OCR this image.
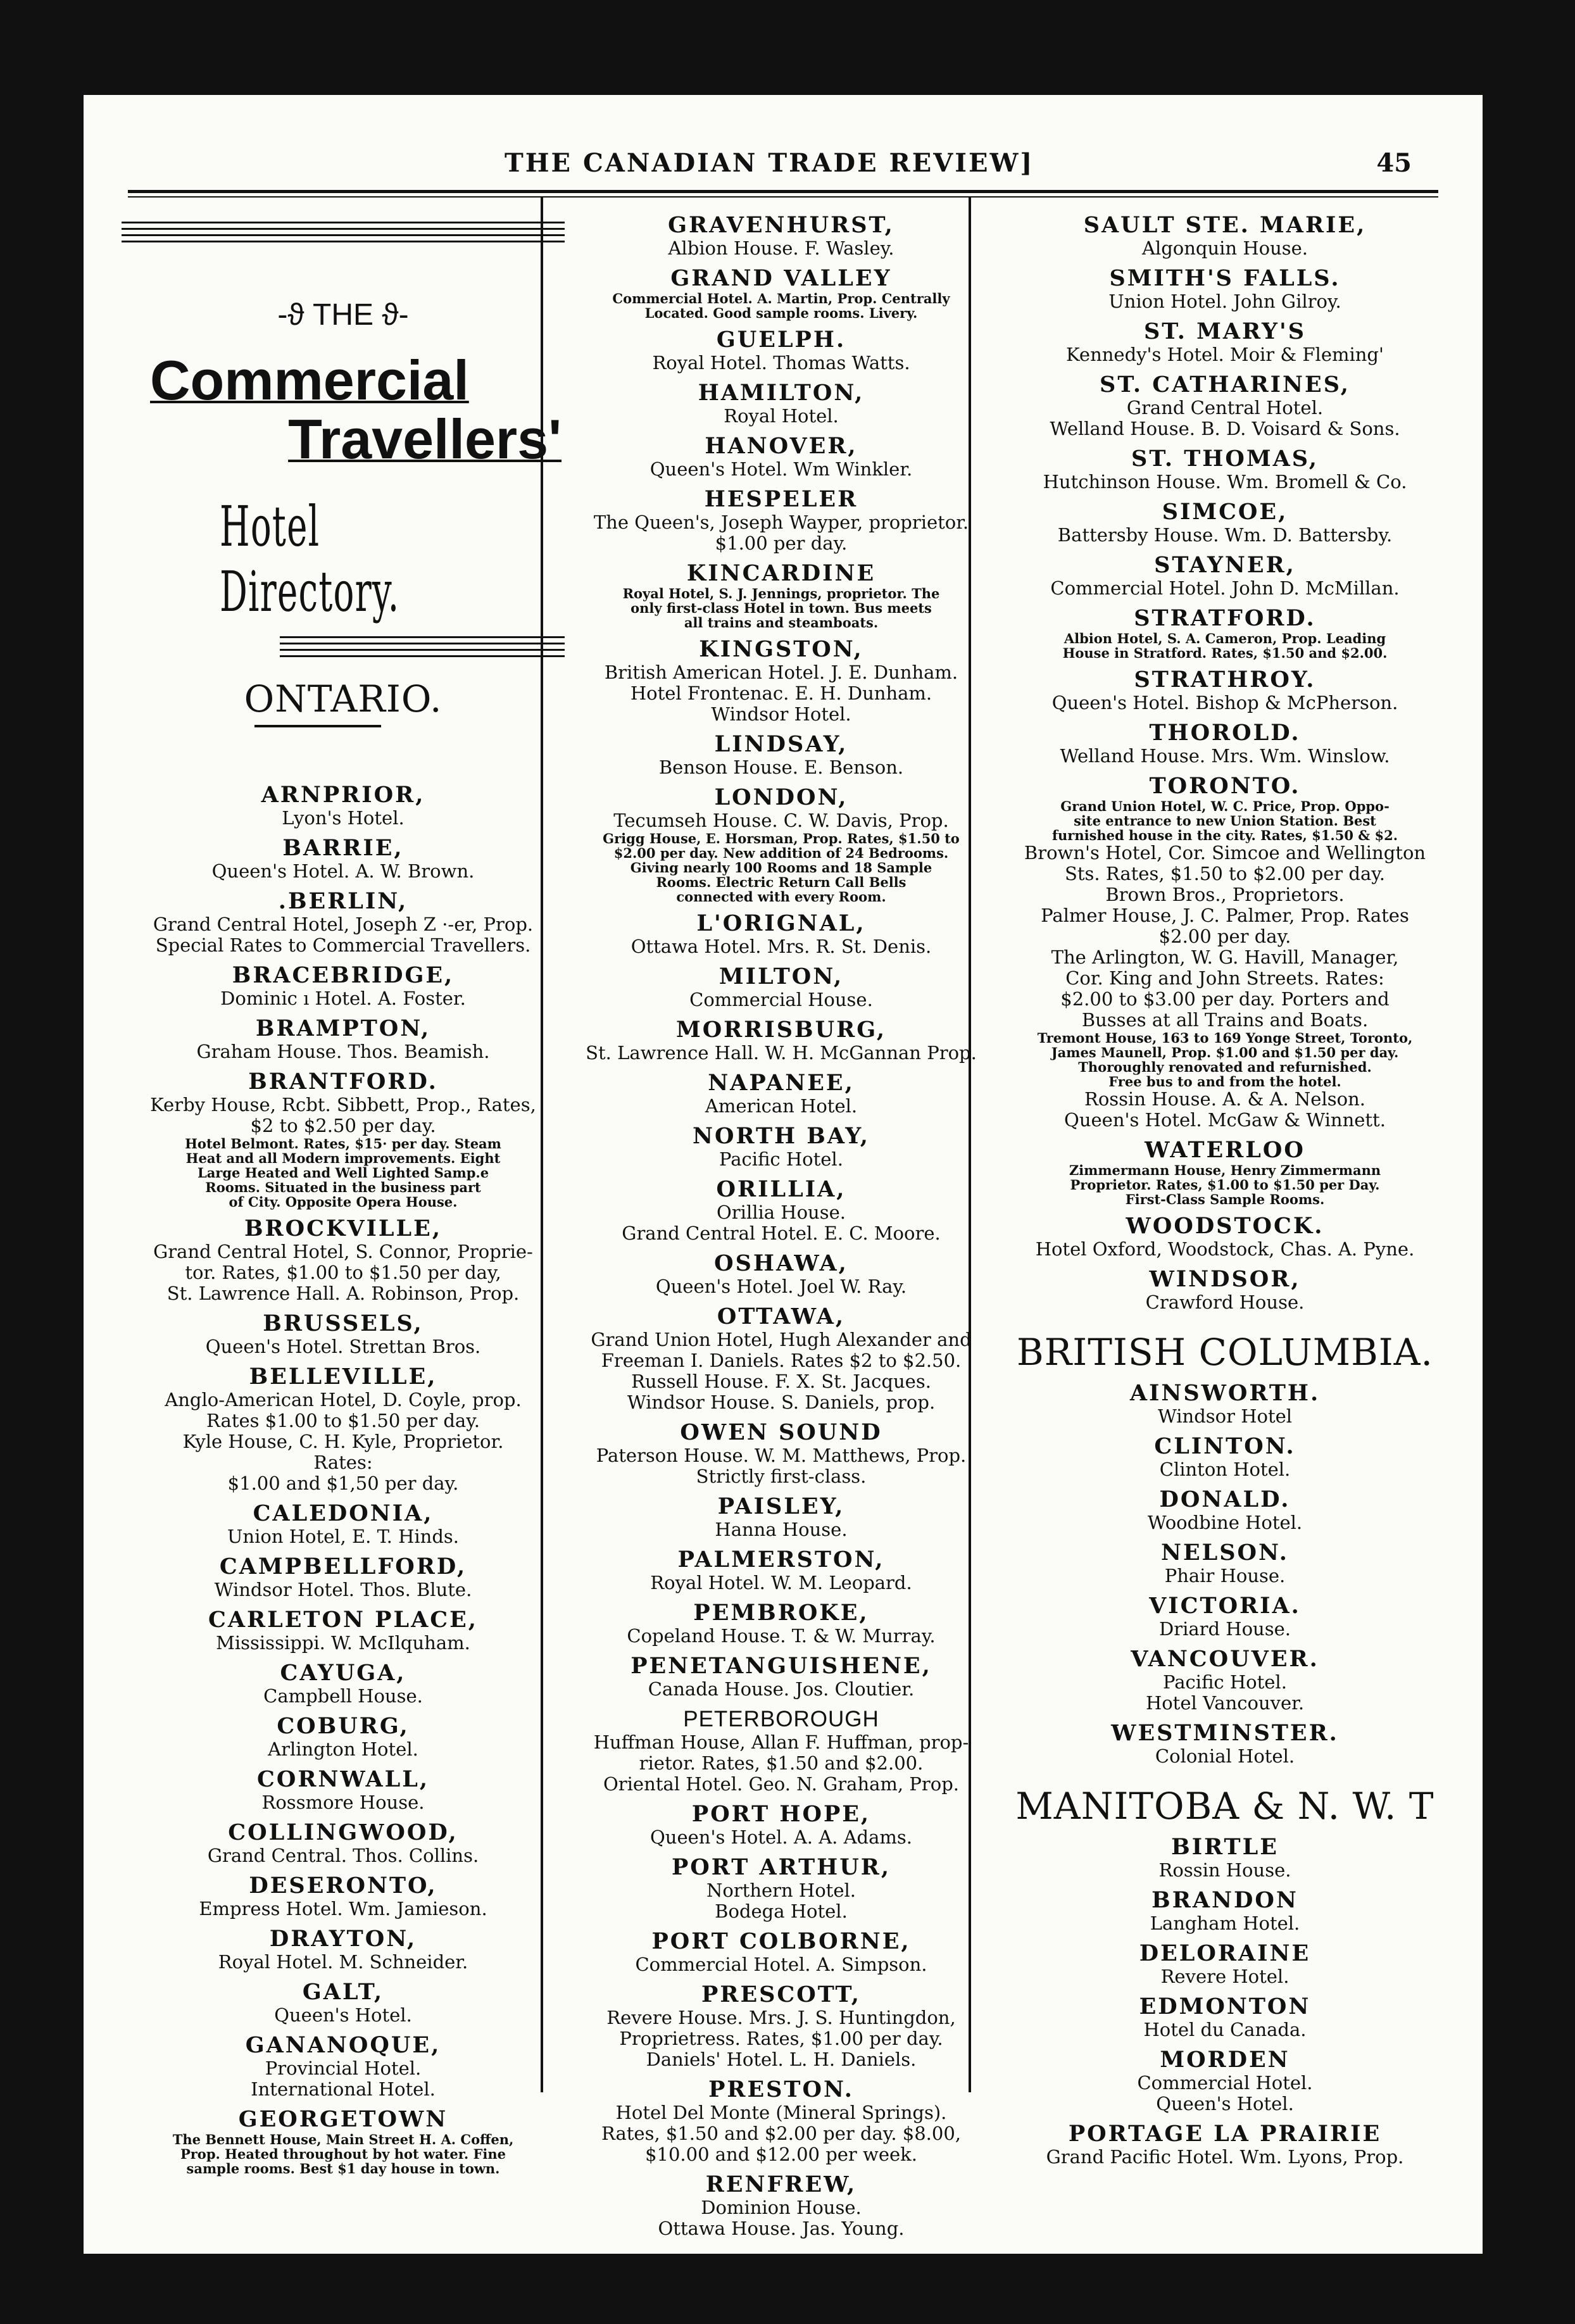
THE CANADIAN TRADE REVIEW]	45
-⁠ϑ THE ϑ-
Commercial
Travellers'
Hotel Directory.
ONTARIO.
ARNPRIOR,
Lyon's Hotel.
BARRIE,
Queen's Hotel. A. W. Brown.
.BERLIN,
Grand Central Hotel, Joseph Z ·-er, Prop.
Special Rates to Commercial Travellers.
BRACEBRIDGE,
Dominic ı Hotel. A. Foster.
BRAMPTON,
Graham House. Thos. Beamish.
BRANTFORD.
Kerby House, Rcbt. Sibbett, Prop., Rates,
$2 to $2.50 per day.
Hotel Belmont. Rates, $15· per day. Steam
Heat and all Modern improvements. Eight
Large Heated and Well Lighted Samp.e
Rooms. Situated in the business part
of City. Opposite Opera House.
BROCKVILLE,
Grand Central Hotel, S. Connor, Proprie-
tor. Rates, $1.00 to $1.50 per day,
St. Lawrence Hall. A. Robinson, Prop.
BRUSSELS,
Queen's Hotel. Strettan Bros.
BELLEVILLE,
Anglo-American Hotel, D. Coyle, prop.
Rates $1.00 to $1.50 per day.
Kyle House, C. H. Kyle, Proprietor.
Rates:
$1.00 and $1,50 per day.
CALEDONIA,
Union Hotel, E. T. Hinds.
CAMPBELLFORD,
Windsor Hotel. Thos. Blute.
CARLETON PLACE,
Mississippi. W. McIlquham.
CAYUGA,
Campbell House.
COBURG,
Arlington Hotel.
CORNWALL,
Rossmore House.
COLLINGWOOD,
Grand Central. Thos. Collins.
DESERONTO,
Empress Hotel. Wm. Jamieson.
DRAYTON,
Royal Hotel. M. Schneider.
GALT,
Queen's Hotel.
GANANOQUE,
Provincial Hotel.
International Hotel.
GEORGETOWN
The Bennett House, Main Street H. A. Coffen,
Prop. Heated throughout by hot water. Fine
sample rooms. Best $1 day house in town.
GRAVENHURST,
Albion House. F. Wasley.
GRAND VALLEY
Commercial Hotel. A. Martin, Prop. Centrally
Located. Good sample rooms. Livery.
GUELPH.
Royal Hotel. Thomas Watts.
HAMILTON,
Royal Hotel.
HANOVER,
Queen's Hotel. Wm Winkler.
HESPELER
The Queen's, Joseph Wayper, proprietor.
$1.00 per day.
KINCARDINE
Royal Hotel, S. J. Jennings, proprietor. The
only first-class Hotel in town. Bus meets
all trains and steamboats.
KINGSTON,
British American Hotel. J. E. Dunham.
Hotel Frontenac. E. H. Dunham.
Windsor Hotel.
LINDSAY,
Benson House. E. Benson.
LONDON,
Tecumseh House. C. W. Davis, Prop.
Grigg House, E. Horsman, Prop. Rates, $1.50 to
$2.00 per day. New addition of 24 Bedrooms.
Giving nearly 100 Rooms and 18 Sample
Rooms. Electric Return Call Bells
connected with every Room.
L'ORIGNAL,
Ottawa Hotel. Mrs. R. St. Denis.
MILTON,
Commercial House.
MORRISBURG,
St. Lawrence Hall. W. H. McGannan Prop.
NAPANEE,
American Hotel.
NORTH BAY,
Pacific Hotel.
ORILLIA,
Orillia House.
Grand Central Hotel. E. C. Moore.
OSHAWA,
Queen's Hotel. Joel W. Ray.
OTTAWA,
Grand Union Hotel, Hugh Alexander and
Freeman I. Daniels. Rates $2 to $2.50.
Russell House. F. X. St. Jacques.
Windsor House. S. Daniels, prop.
OWEN SOUND
Paterson House. W. M. Matthews, Prop.
Strictly first-class.
PAISLEY,
Hanna House.
PALMERSTON,
Royal Hotel. W. M. Leopard.
PEMBROKE,
Copeland House. T. & W. Murray.
PENETANGUISHENE,
Canada House. Jos. Cloutier.
PETERBOROUGH
Huffman House, Allan F. Huffman, prop-
rietor. Rates, $1.50 and $2.00.
Oriental Hotel. Geo. N. Graham, Prop.
PORT HOPE,
Queen's Hotel. A. A. Adams.
PORT ARTHUR,
Northern Hotel.
Bodega Hotel.
PORT COLBORNE,
Commercial Hotel. A. Simpson.
PRESCOTT,
Revere House. Mrs. J. S. Huntingdon,
Proprietress. Rates, $1.00 per day.
Daniels' Hotel. L. H. Daniels.
PRESTON.
Hotel Del Monte (Mineral Springs).
Rates, $1.50 and $2.00 per day. $8.00,
$10.00 and $12.00 per week.
RENFREW,
Dominion House.
Ottawa House. Jas. Young.
SAULT STE. MARIE,
Algonquin House.
SMITH'S FALLS.
Union Hotel. John Gilroy.
ST. MARY'S
Kennedy's Hotel. Moir & Fleming'
ST. CATHARINES,
Grand Central Hotel.
Welland House. B. D. Voisard & Sons.
ST. THOMAS,
Hutchinson House. Wm. Bromell & Co.
SIMCOE,
Battersby House. Wm. D. Battersby.
STAYNER,
Commercial Hotel. John D. McMillan.
STRATFORD.
Albion Hotel, S. A. Cameron, Prop. Leading
House in Stratford. Rates, $1.50 and $2.00.
STRATHROY.
Queen's Hotel. Bishop & McPherson.
THOROLD.
Welland House. Mrs. Wm. Winslow.
TORONTO.
Grand Union Hotel, W. C. Price, Prop. Oppo-
site entrance to new Union Station. Best
furnished house in the city. Rates, $1.50 & $2.
Brown's Hotel, Cor. Simcoe and Wellington
Sts. Rates, $1.50 to $2.00 per day.
Brown Bros., Proprietors.
Palmer House, J. C. Palmer, Prop. Rates
$2.00 per day.
The Arlington, W. G. Havill, Manager,
Cor. King and John Streets. Rates:
$2.00 to $3.00 per day. Porters and
Busses at all Trains and Boats.
Tremont House, 163 to 169 Yonge Street, Toronto,
James Maunell, Prop. $1.00 and $1.50 per day.
Thoroughly renovated and refurnished.
Free bus to and from the hotel.
Rossin House. A. & A. Nelson.
Queen's Hotel. McGaw & Winnett.
WATERLOO
Zimmermann House, Henry Zimmermann
Proprietor. Rates, $1.00 to $1.50 per Day.
First-Class Sample Rooms.
WOODSTOCK.
Hotel Oxford, Woodstock, Chas. A. Pyne.
WINDSOR,
Crawford House.
BRITISH COLUMBIA.
AINSWORTH.
Windsor Hotel
CLINTON.
Clinton Hotel.
DONALD.
Woodbine Hotel.
NELSON.
Phair House.
VICTORIA.
Driard House.
VANCOUVER.
Pacific Hotel.
Hotel Vancouver.
WESTMINSTER.
Colonial Hotel.
MANITOBA & N. W. T
BIRTLE
Rossin House.
BRANDON
Langham Hotel.
DELORAINE
Revere Hotel.
EDMONTON
Hotel du Canada.
MORDEN
Commercial Hotel.
Queen's Hotel.
PORTAGE LA PRAIRIE
Grand Pacific Hotel. Wm. Lyons, Prop.
